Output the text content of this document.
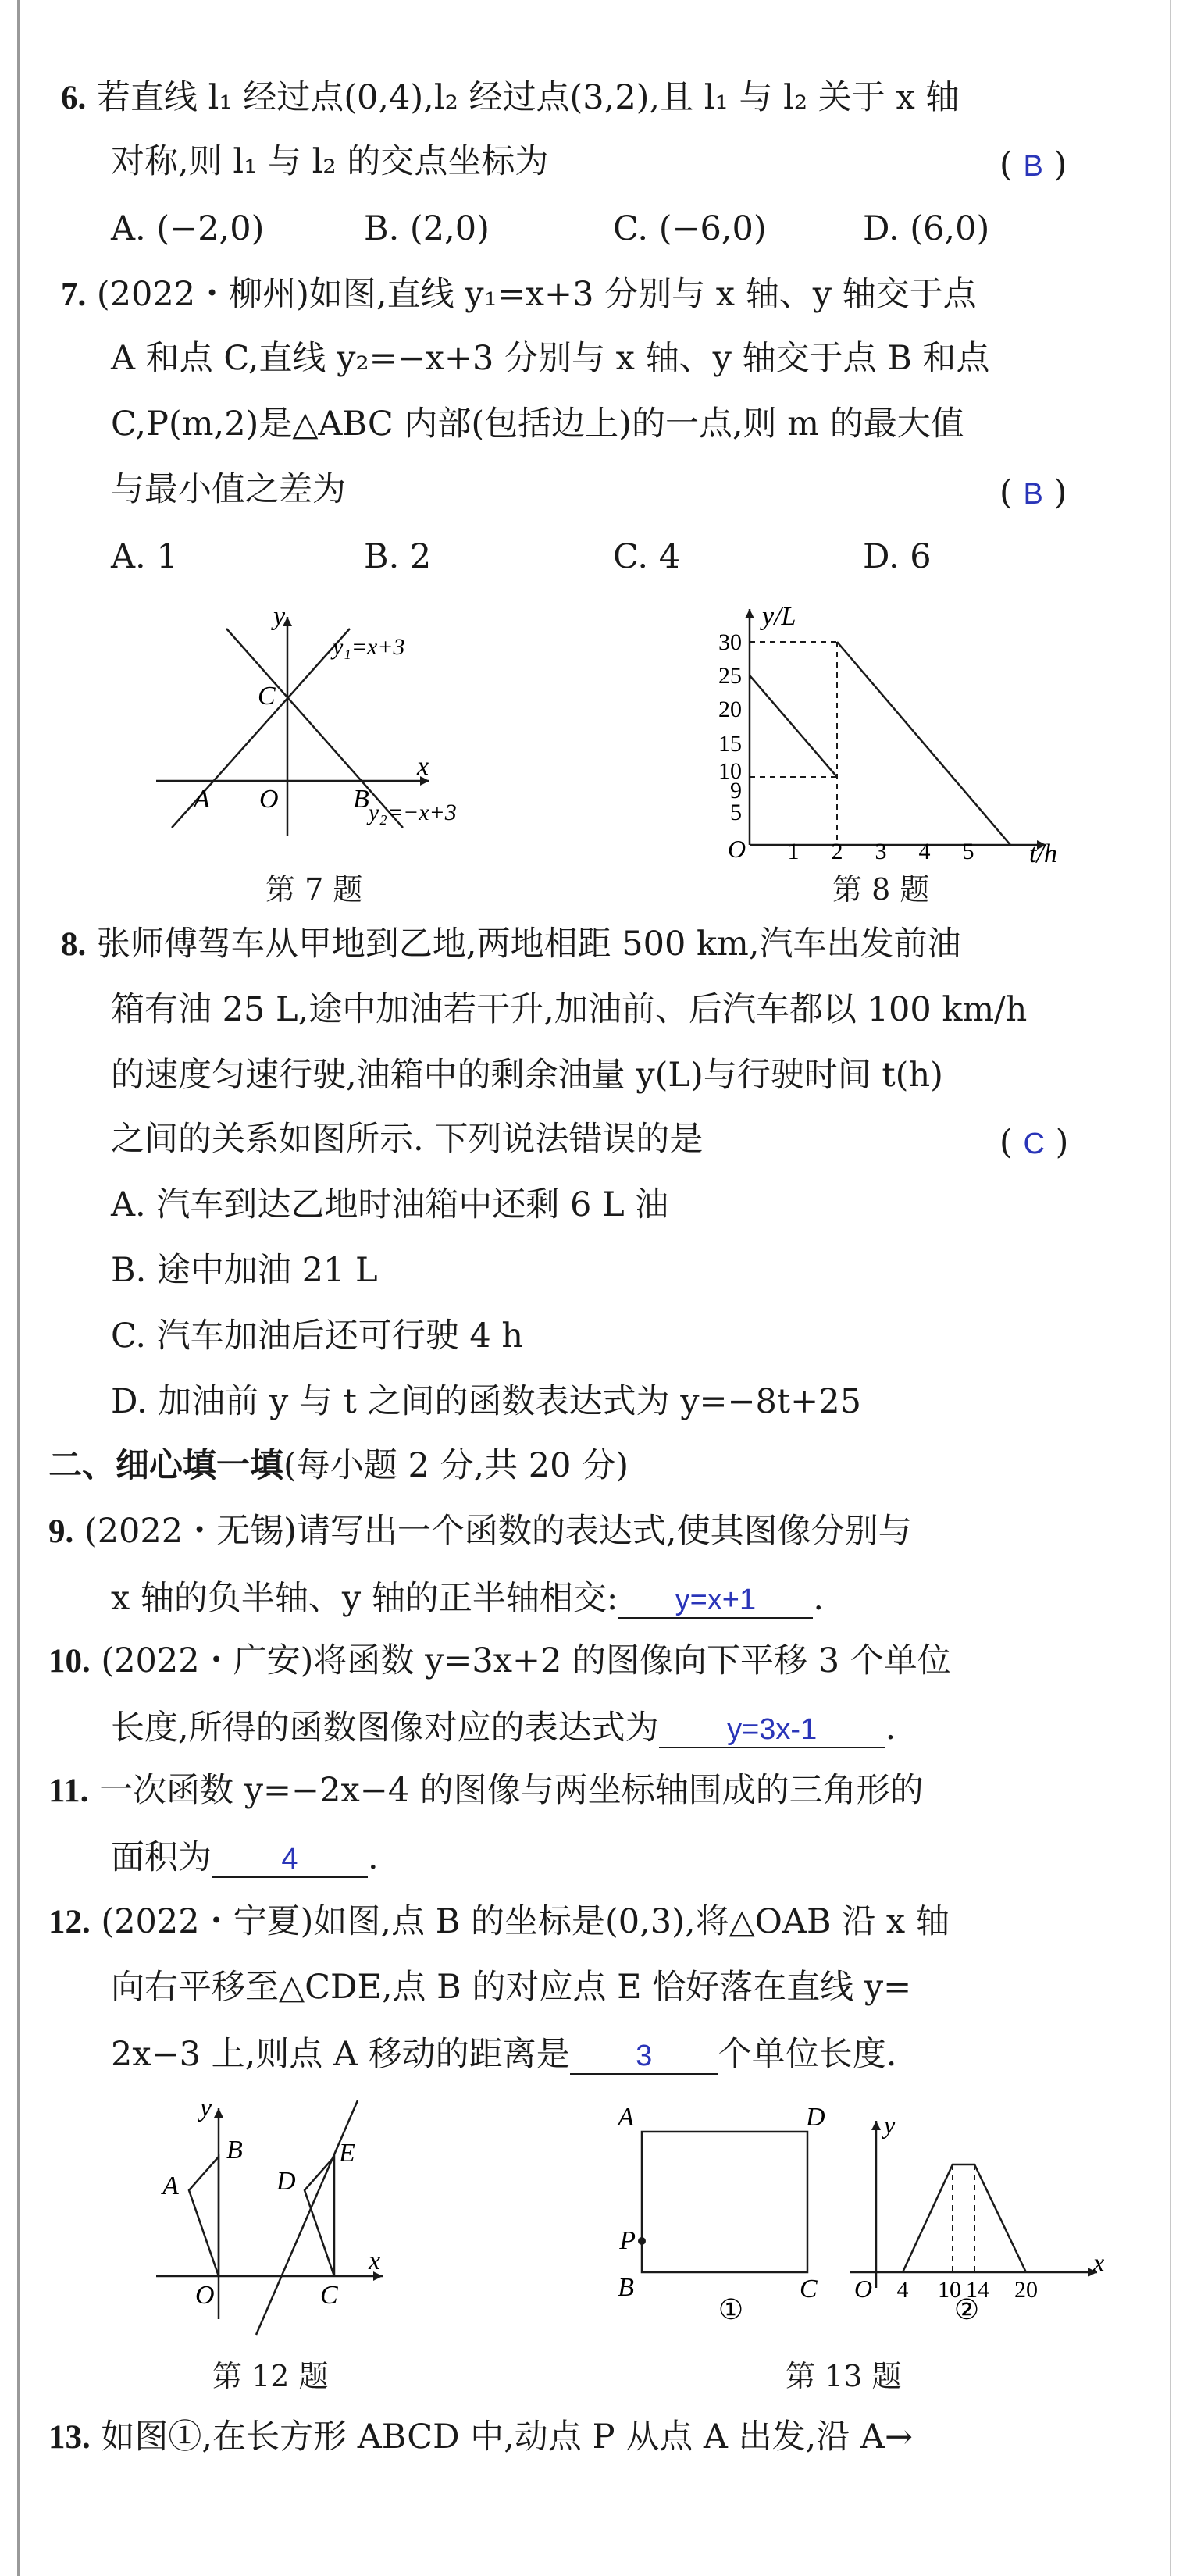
6. 若直线 l₁ 经过点(0,4),l₂ 经过点(3,2),且 l₁ 与 l₂ 关于 x 轴
对称,则 l₁ 与 l₂ 的交点坐标为	( B )
A. (−2,0)	B. (2,0)	C. (−6,0)	D. (6,0)
7. (2022・柳州)如图,直线 y₁=x+3 分别与 x 轴、y 轴交于点
A 和点 C,直线 y₂=−x+3 分别与 x 轴、y 轴交于点 B 和点
C,P(m,2)是△ABC 内部(包括边上)的一点,则 m 的最大值
与最小值之差为	( B )
A. 1	B. 2	C. 4	D. 6
y
x
A O	B
C
y₁=x+3
y₂=−x+3
第 7 题
30
25
20
15
10
9
5
1 2 3 4 5
O
y/L
t/h
第 8 题
8. 张师傅驾车从甲地到乙地,两地相距 500 km,汽车出发前油
箱有油 25 L,途中加油若干升,加油前、后汽车都以 100 km/h
的速度匀速行驶,油箱中的剩余油量 y(L)与行驶时间 t(h)
之间的关系如图所示. 下列说法错误的是	( C )
A. 汽车到达乙地时油箱中还剩 6 L 油
B. 途中加油 21 L
C. 汽车加油后还可行驶 4 h
D. 加油前 y 与 t 之间的函数表达式为 y=−8t+25
二、细心填一填(每小题 2 分,共 20 分)
9. (2022・无锡)请写出一个函数的表达式,使其图像分别与
x 轴的负半轴、y 轴的正半轴相交: y=x+1 .
10. (2022・广安)将函数 y=3x+2 的图像向下平移 3 个单位
长度,所得的函数图像对应的表达式为 y=3x-1 .
11. 一次函数 y=−2x−4 的图像与两坐标轴围成的三角形的
面积为 4 .
12. (2022・宁夏)如图,点 B 的坐标是(0,3),将△OAB 沿 x 轴
向右平移至△CDE,点 B 的对应点 E 恰好落在直线 y=
2x−3 上,则点 A 移动的距离是 3 个单位长度.
y
x
A
B
O
D
E
C
第 12 题
A	D
B	C
P
①
y
x
O 4 10 14 20
②
第 13 题
13. 如图①,在长方形 ABCD 中,动点 P 从点 A 出发,沿 A→
